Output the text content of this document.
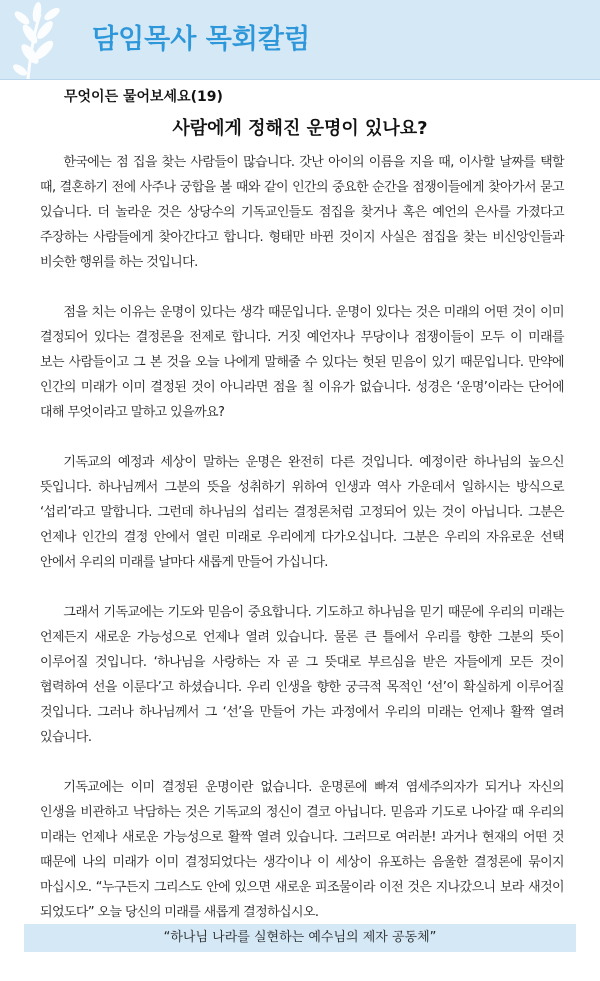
담임목사 목회칼럼
무엇이든 물어보세요(19)
사람에게 정해진 운명이 있나요?

한국에는 점 집을 찾는 사람들이 많습니다. 갓난 아이의 이름을 지을 때, 이사할 날짜를 택할 때, 결혼하기 전에 사주나 궁합을 볼 때와 같이 인간의 중요한 순간을 점쟁이들에게 찾아가서 묻고 있습니다. 더 놀라운 것은 상당수의 기독교인들도 점집을 찾거나 혹은 예언의 은사를 가졌다고 주장하는 사람들에게 찾아간다고 합니다. 형태만 바뀐 것이지 사실은 점집을 찾는 비신앙인들과 비슷한 행위를 하는 것입니다.

점을 치는 이유는 운명이 있다는 생각 때문입니다. 운명이 있다는 것은 미래의 어떤 것이 이미 결정되어 있다는 결정론을 전제로 합니다. 거짓 예언자나 무당이나 점쟁이들이 모두 이 미래를 보는 사람들이고 그 본 것을 오늘 나에게 말해줄 수 있다는 헛된 믿음이 있기 때문입니다. 만약에 인간의 미래가 이미 결정된 것이 아니라면 점을 칠 이유가 없습니다. 성경은 ‘운명’이라는 단어에 대해 무엇이라고 말하고 있을까요?

기독교의 예정과 세상이 말하는 운명은 완전히 다른 것입니다. 예정이란 하나님의 높으신 뜻입니다. 하나님께서 그분의 뜻을 성취하기 위하여 인생과 역사 가운데서 일하시는 방식으로 ‘섭리’라고 말합니다. 그런데 하나님의 섭리는 결정론처럼 고정되어 있는 것이 아닙니다. 그분은 언제나 인간의 결정 안에서 열린 미래로 우리에게 다가오십니다. 그분은 우리의 자유로운 선택 안에서 우리의 미래를 날마다 새롭게 만들어 가십니다.

그래서 기독교에는 기도와 믿음이 중요합니다. 기도하고 하나님을 믿기 때문에 우리의 미래는 언제든지 새로운 가능성으로 언제나 열려 있습니다. 물론 큰 틀에서 우리를 향한 그분의 뜻이 이루어질 것입니다. ‘하나님을 사랑하는 자 곧 그 뜻대로 부르심을 받은 자들에게 모든 것이 협력하여 선을 이룬다’고 하셨습니다. 우리 인생을 향한 궁극적 목적인 ‘선’이 확실하게 이루어질 것입니다. 그러나 하나님께서 그 ‘선’을 만들어 가는 과정에서 우리의 미래는 언제나 활짝 열려 있습니다.

기독교에는 이미 결정된 운명이란 없습니다. 운명론에 빠져 염세주의자가 되거나 자신의 인생을 비관하고 낙담하는 것은 기독교의 정신이 결코 아닙니다. 믿음과 기도로 나아갈 때 우리의 미래는 언제나 새로운 가능성으로 활짝 열려 있습니다. 그러므로 여러분! 과거나 현재의 어떤 것 때문에 나의 미래가 이미 결정되었다는 생각이나 이 세상이 유포하는 음울한 결정론에 묶이지 마십시오. “누구든지 그리스도 안에 있으면 새로운 피조물이라 이전 것은 지나갔으니 보라 새것이 되었도다” 오늘 당신의 미래를 새롭게 결정하십시오.

“하나님 나라를 실현하는 예수님의 제자 공동체”
